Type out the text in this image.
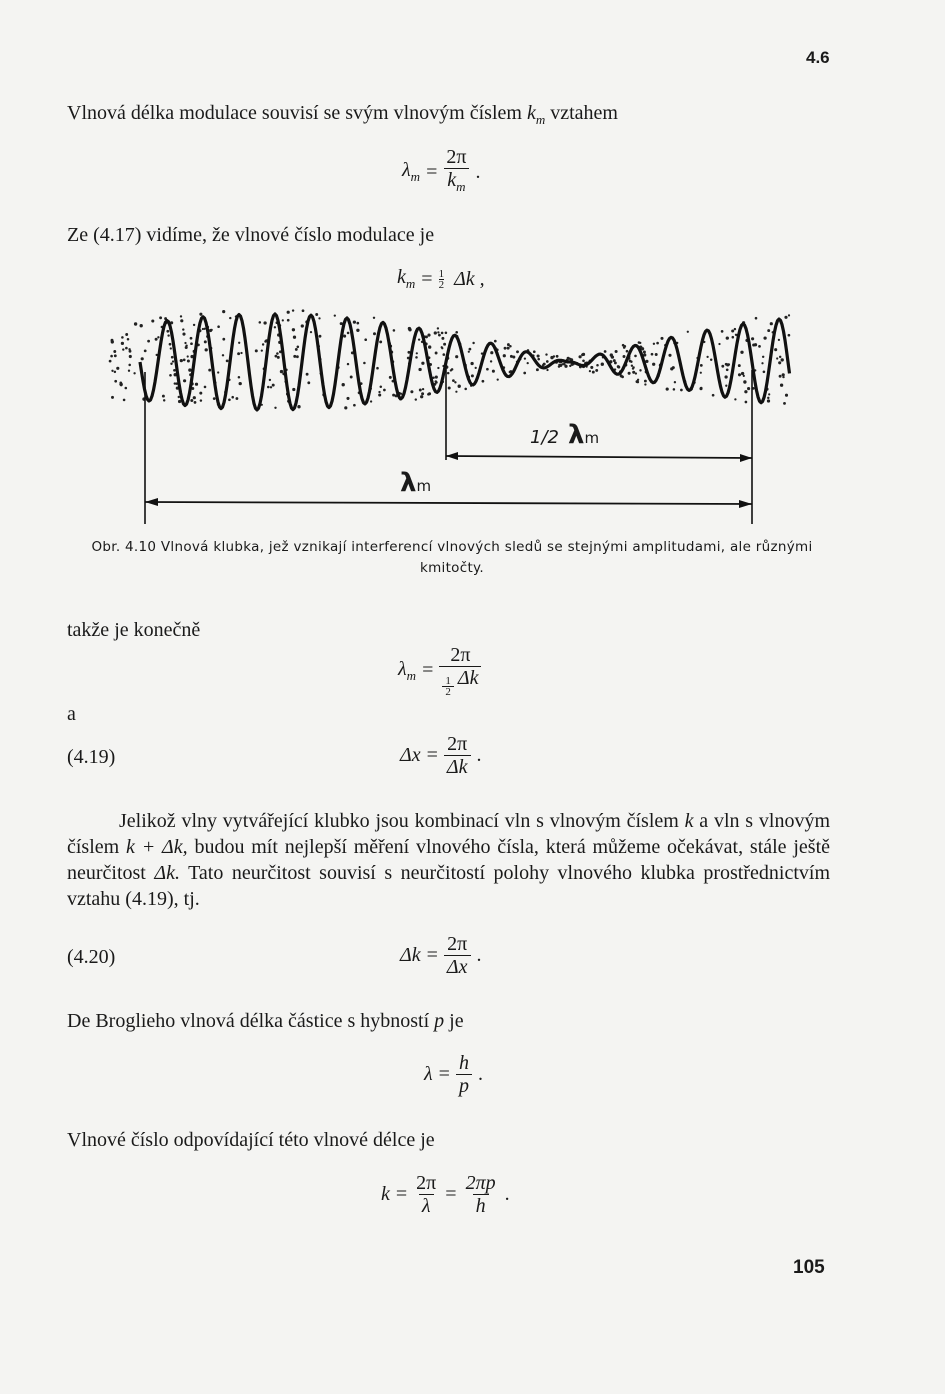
4.6
Vlnová délka modulace souvisí se svým vlnovým číslem $k_m$ vztahem
$\lambda_m = \frac{2\pi}{k_m}$ .
Ze (4.17) vidíme, že vlnové číslo modulace je
$k_m = \frac{1}{2}$ Δk ,
1/2 λm
λm
Obr. 4.10 Vlnová klubka, jež vznikají interferencí vlnových sledů se stejnými amplitudami, ale různými kmitočty.
takže je konečně
$\lambda_m = \frac{2\pi}{\frac{1}{2} \Delta k}$
a
(4.19)	$\Delta x = \frac{2\pi}{\Delta k}$ .
Jelikož vlny vytvářející klubko jsou kombinací vln s vlnovým číslem k a vln s vlnovým číslem k + Δk, budou mít nejlepší měření vlnového čísla, která můžeme očekávat, stále ještě neurčitost Δk. Tato neurčitost souvisí s neurčitostí polohy vlnového klubka prostřednictvím vztahu (4.19), tj.
(4.20)	$\Delta k = \frac{2\pi}{\Delta x}$ .
De Broglieho vlnová délka částice s hybností p je
$\lambda = \frac{h}{p}$ .
Vlnové číslo odpovídající této vlnové délce je
$k = \frac{2\pi}{\lambda} = \frac{2\pi p}{h}$ .
105
